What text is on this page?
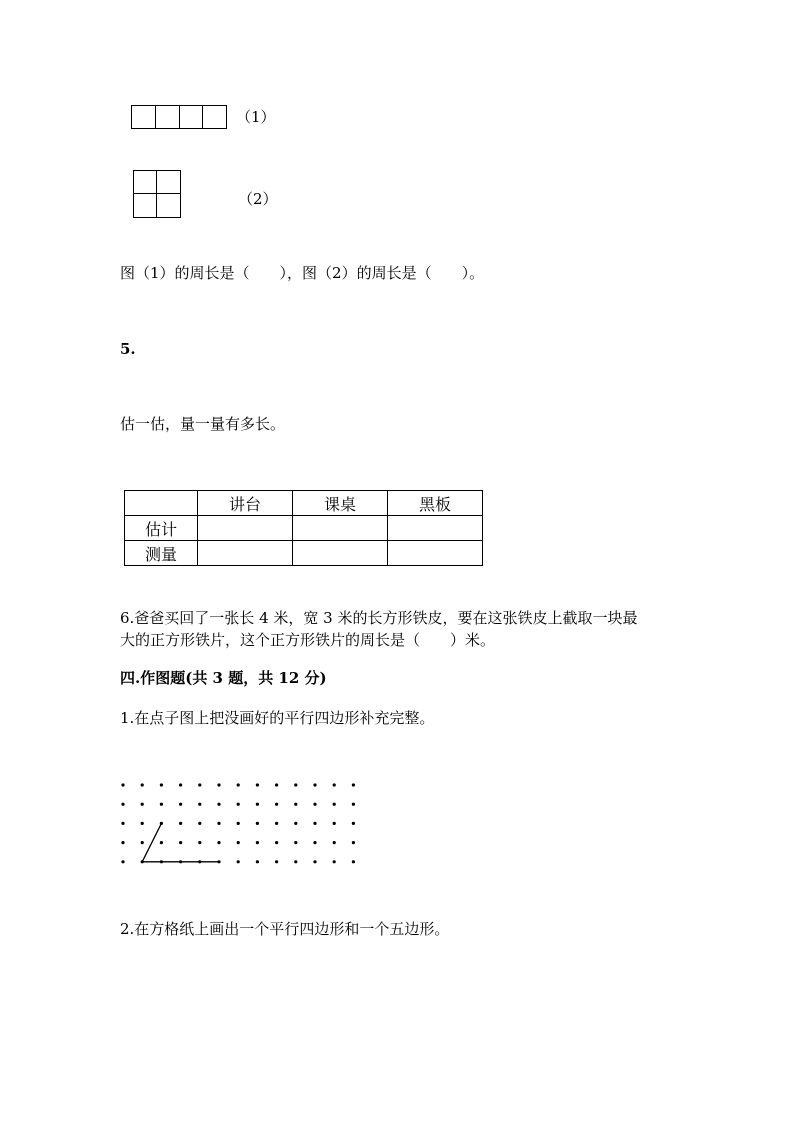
（1）
（2）
图（1）的周长是（　　），图（2）的周长是（　　）。
5.
估一估，量一量有多长。
	讲台	课桌	黑板
估计			
测量			
6.爸爸买回了一张长 4 米，宽 3 米的长方形铁皮，要在这张铁皮上截取一块最
大的正方形铁片，这个正方形铁片的周长是（　　）米。
四.作图题(共 3 题，共 12 分)
1.在点子图上把没画好的平行四边形补充完整。
2.在方格纸上画出一个平行四边形和一个五边形。
